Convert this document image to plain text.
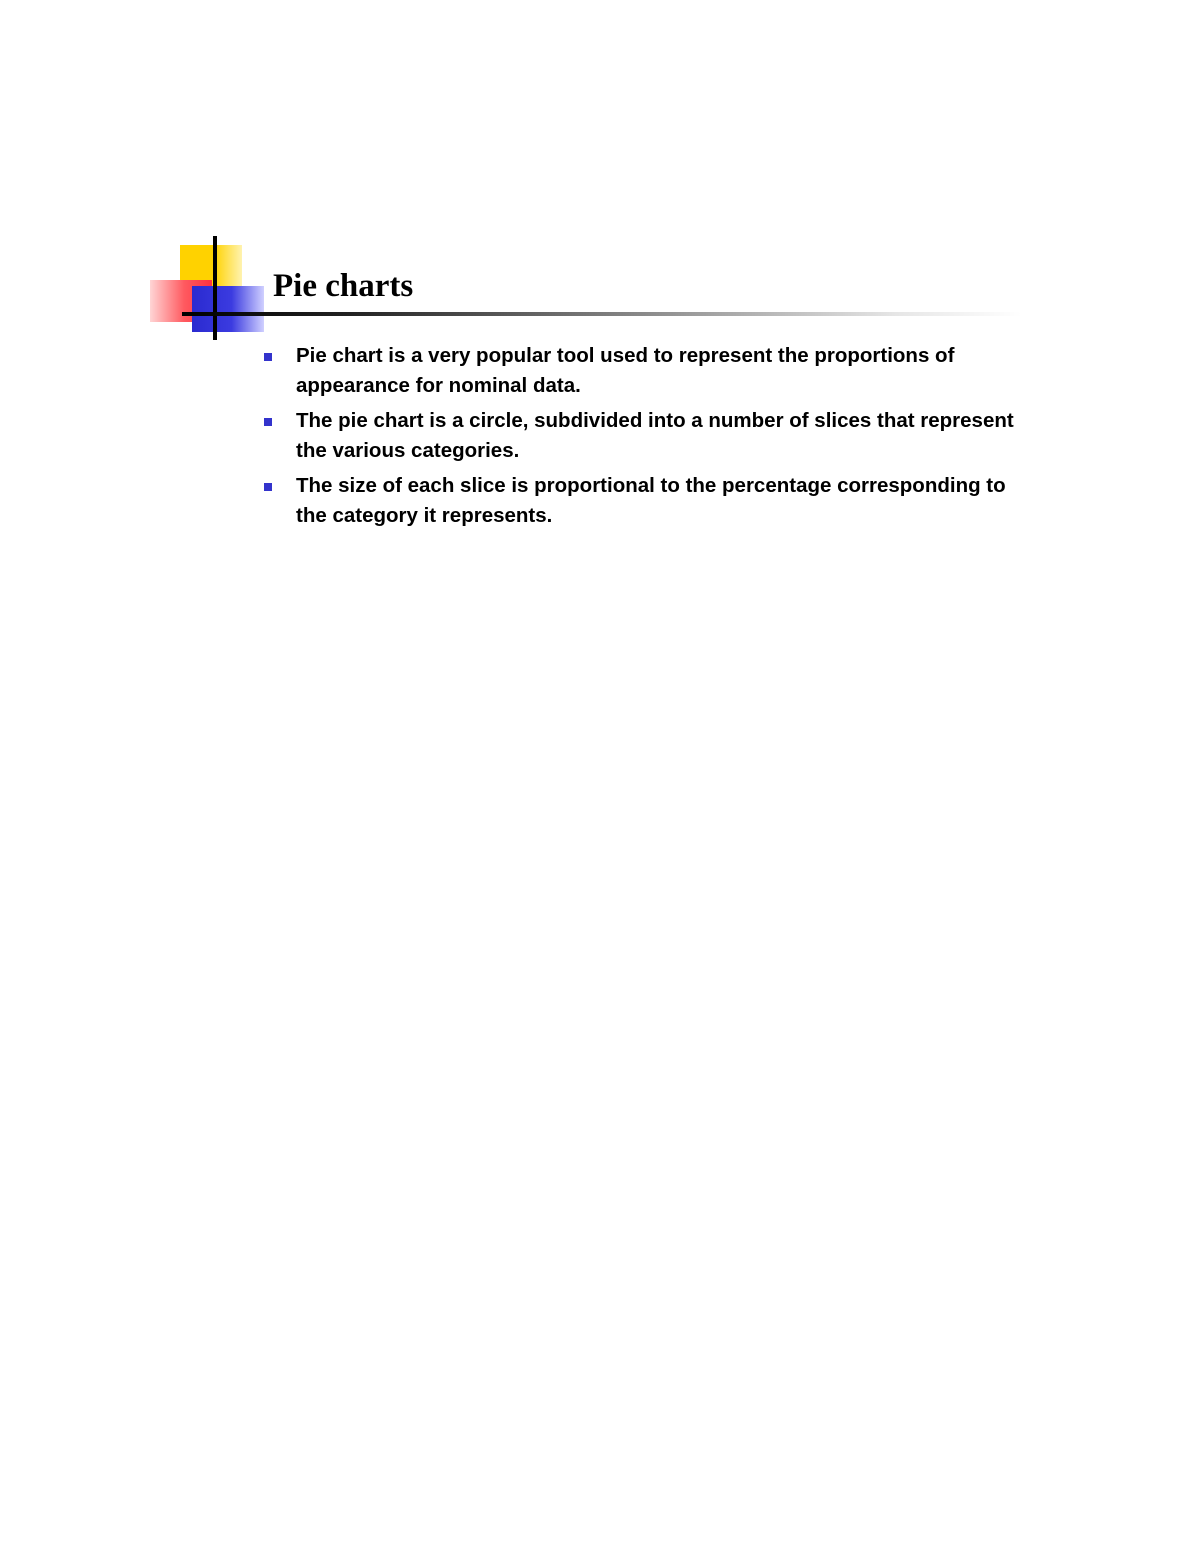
Pie charts
Pie chart is a very popular tool used to represent the proportions of appearance for nominal data.
The pie chart is a circle, subdivided into a number of slices that represent the various categories.
The size of each slice is proportional to the percentage corresponding to the category it represents.
